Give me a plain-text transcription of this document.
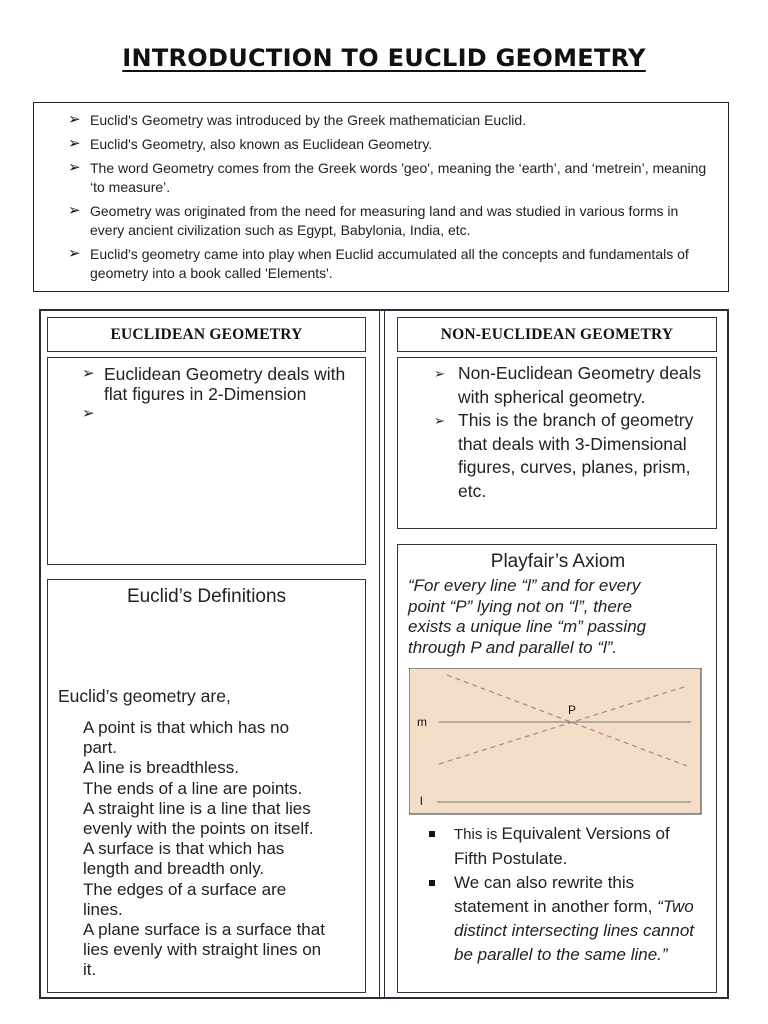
INTRODUCTION TO EUCLID GEOMETRY
➢ Euclid's Geometry was introduced by the Greek mathematician Euclid.
➢ Euclid's Geometry, also known as Euclidean Geometry.
➢ The word Geometry comes from the Greek words 'geo', meaning the ‘earth’, and ‘metrein’, meaning ‘to measure’.
➢ Geometry was originated from the need for measuring land and was studied in various forms in every ancient civilization such as Egypt, Babylonia, India, etc.
➢ Euclid's geometry came into play when Euclid accumulated all the concepts and fundamentals of geometry into a book called 'Elements'.
EUCLIDEAN GEOMETRY
➢ Euclidean Geometry deals with flat figures in 2-Dimension
➢
Euclid’s Definitions
Euclid’s geometry are,
A point is that which has no
part.
A line is breadthless.
The ends of a line are points.
A straight line is a line that lies
evenly with the points on itself.
A surface is that which has
length and breadth only.
The edges of a surface are
lines.
A plane surface is a surface that
lies evenly with straight lines on
it.
NON-EUCLIDEAN GEOMETRY
➢ Non-Euclidean Geometry deals with spherical geometry.
➢ This is the branch of geometry that deals with 3-Dimensional figures, curves, planes, prism, etc.
Playfair’s Axiom
“For every line “l” and for every
point “P” lying not on “l”, there
exists a unique line “m” passing
through P and parallel to “l”.
m
P
l
This is Equivalent Versions of Fifth Postulate.
We can also rewrite this statement in another form, “Two distinct intersecting lines cannot be parallel to the same line.”
